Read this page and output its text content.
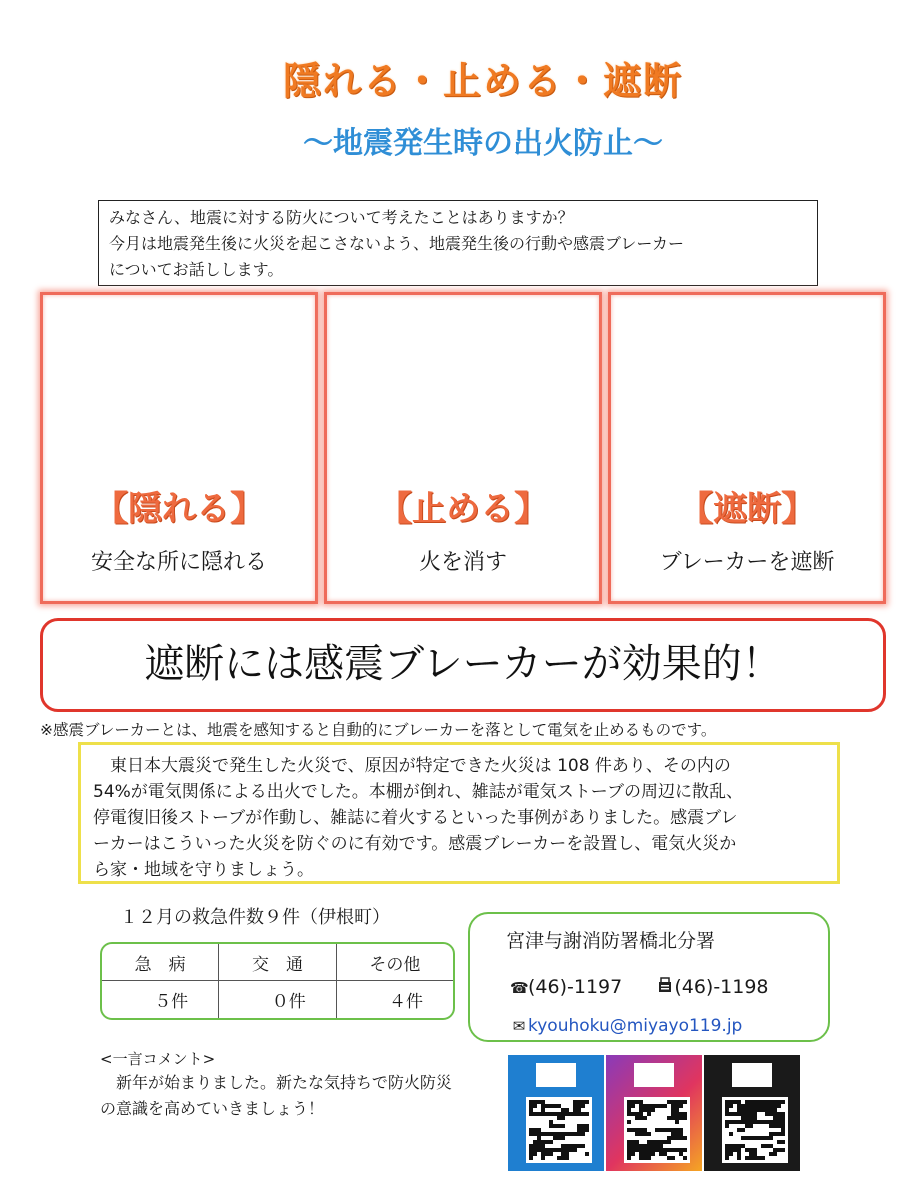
隠れる・止める・遮断
～地震発生時の出火防止～
みなさん、地震に対する防火について考えたことはありますか？
今月は地震発生後に火災を起こさないよう、地震発生後の行動や感震ブレーカー
についてお話しします。
【隠れる】
安全な所に隠れる
【止める】
火を消す
【遮断】
ブレーカーを遮断
遮断には感震ブレーカーが効果的！
※感震ブレーカーとは、地震を感知すると自動的にブレーカーを落として電気を止めるものです。
東日本大震災で発生した火災で、原因が特定できた火災は 108 件あり、その内の
54%が電気関係による出火でした。本棚が倒れ、雑誌が電気ストーブの周辺に散乱、
停電復旧後ストーブが作動し、雑誌に着火するといった事例がありました。感震ブレ
ーカーはこういった火災を防ぐのに有効です。感震ブレーカーを設置し、電気火災か
ら家・地域を守りましょう。
１２月の救急件数９件（伊根町）
急　病	交　通	その他
５件	０件	４件
宮津与謝消防署橋北分署
☎(46)-1197	(46)-1198
✉ kyouhoku@miyayo119.jp
<一言コメント>
新年が始まりました。新たな気持ちで防火防災の意識を高めていきましょう！
